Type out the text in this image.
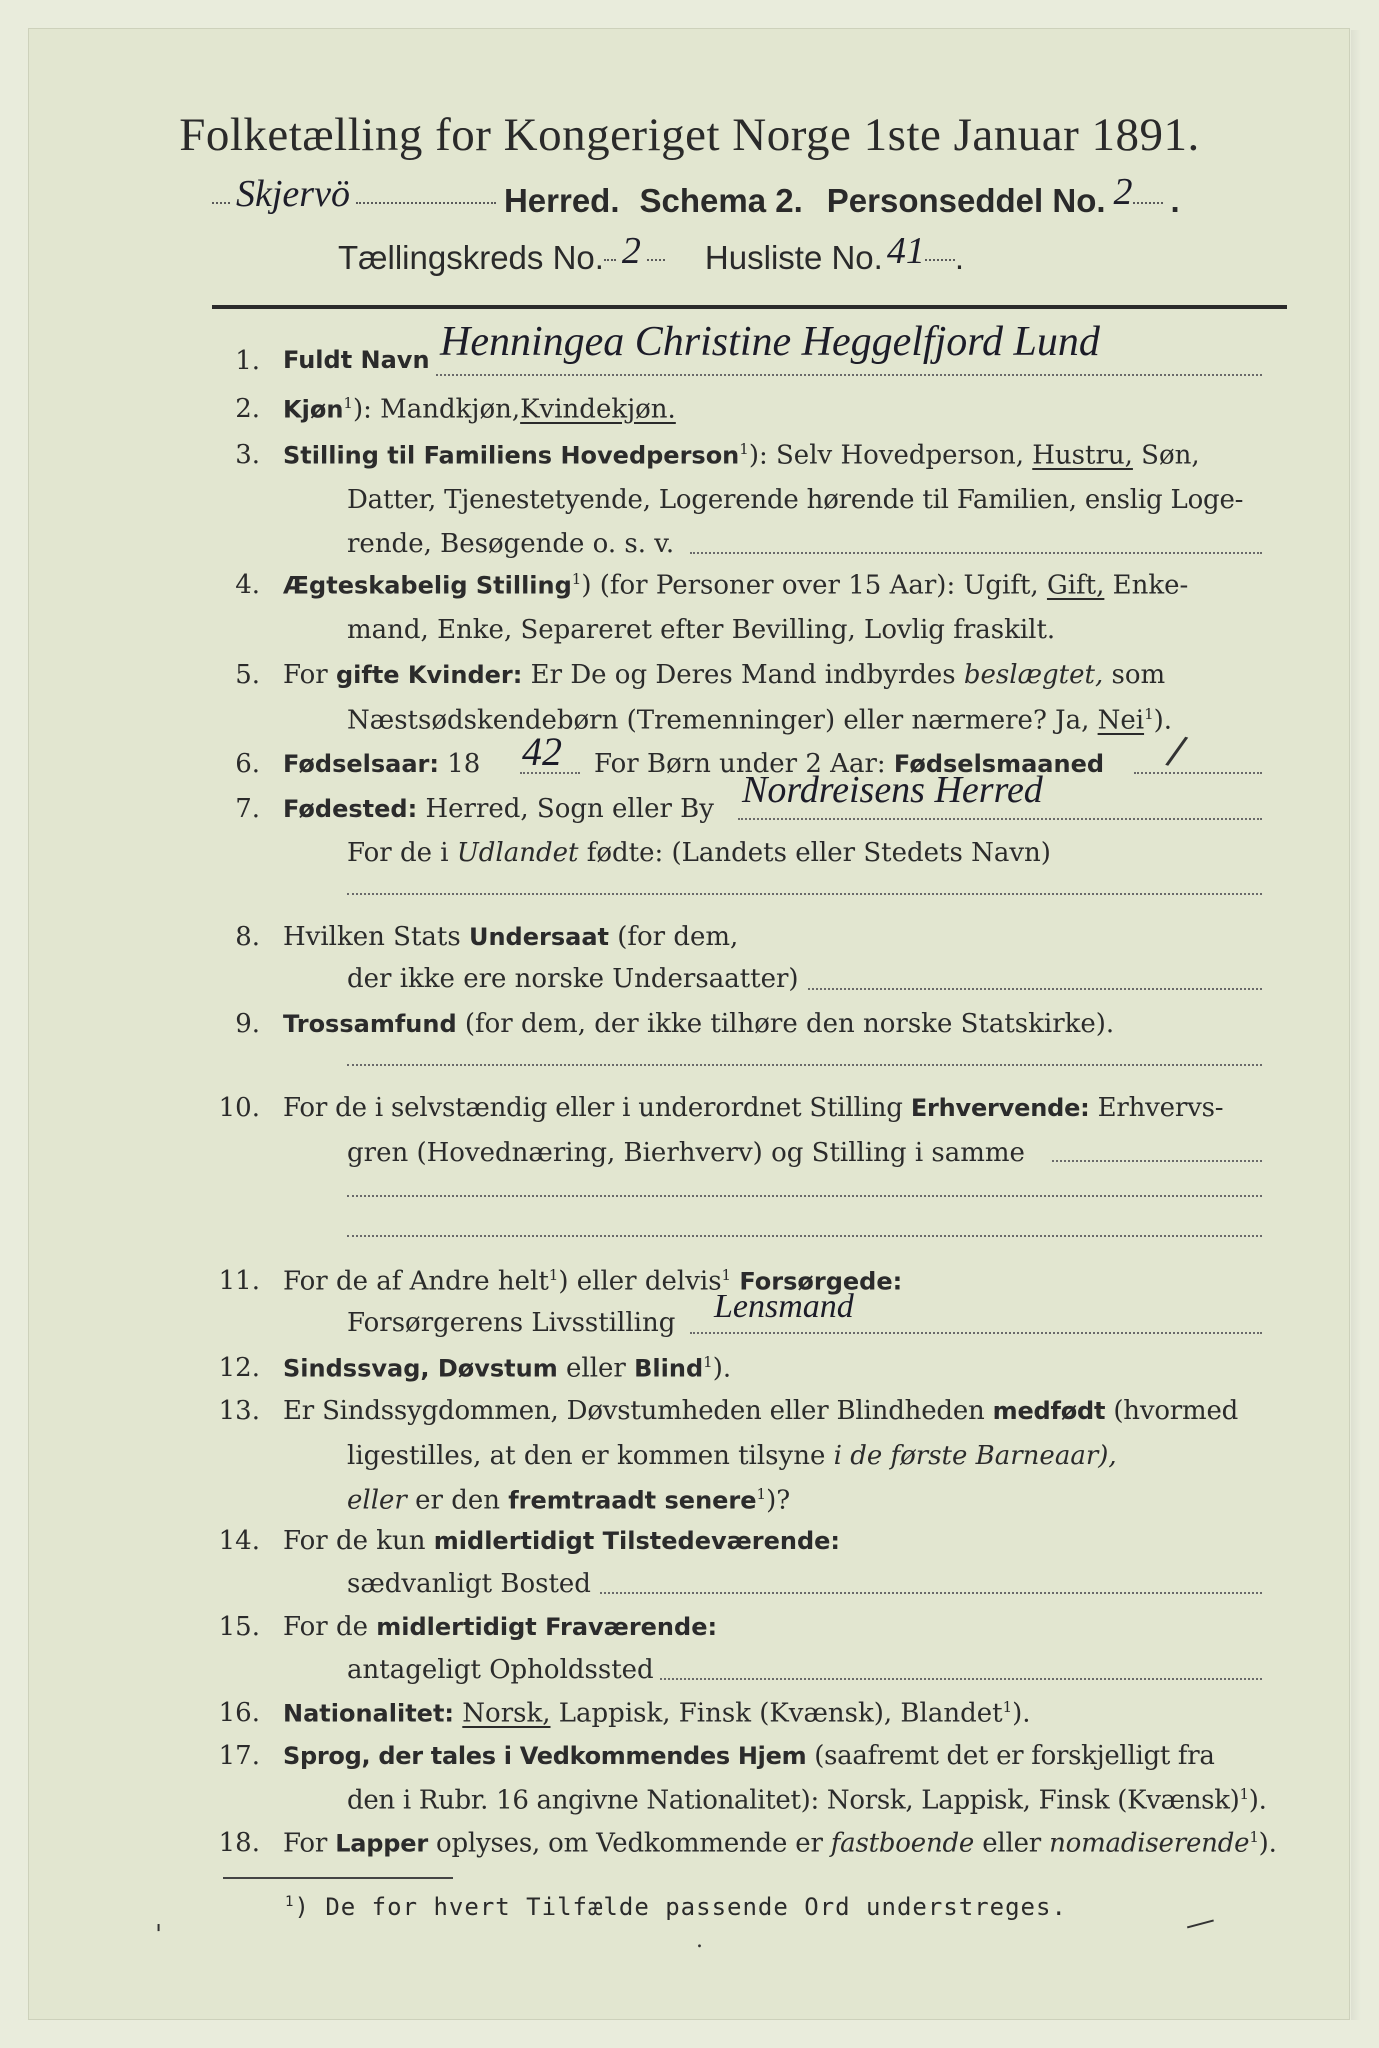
Folketælling for Kongeriget Norge 1ste Januar 1891.
Skjervö	Herred. Schema 2. Personseddel No. 2 .
Tællingskreds No. 2 Husliste No. 41 .
1. Fuldt Navn Henningea Christine Heggelfjord Lund
2. Kjøn$^1$): Mandkjøn,Kvindekjøn.
3. Stilling til Familiens Hovedperson$^1$): Selv Hovedperson, Hustru, Søn,
Datter, Tjenestetyende, Logerende hørende til Familien, enslig Loge-
rende, Besøgende o. s. v.
4. Ægteskabelig Stilling$^1$) (for Personer over 15 Aar): Ugift, Gift, Enke-
mand, Enke, Separeret efter Bevilling, Lovlig fraskilt.
5. For gifte Kvinder: Er De og Deres Mand indbyrdes beslægtet, som
Næstsødskendebørn (Tremenninger) eller nærmere? Ja, Nei$^1$).
6. Fødselsaar: 18 42 For Børn under 2 Aar: Fødselsmaaned /
7. Fødested: Herred, Sogn eller By Nordreisens Herred
For de i Udlandet fødte: (Landets eller Stedets Navn)
8. Hvilken Stats Undersaat (for dem,
der ikke ere norske Undersaatter)
9. Trossamfund (for dem, der ikke tilhøre den norske Statskirke).
10. For de i selvstændig eller i underordnet Stilling Erhvervende: Erhvervs-
gren (Hovednæring, Bierhverv) og Stilling i samme
11. For de af Andre helt$^1$) eller delvis$^1$ Forsørgede:
Forsørgerens Livsstilling Lensmand
12. Sindssvag, Døvstum eller Blind$^1$).
13. Er Sindssygdommen, Døvstumheden eller Blindheden medfødt (hvormed
ligestilles, at den er kommen tilsyne i de første Barneaar),
eller er den fremtraadt senere$^1$)?
14. For de kun midlertidigt Tilstedeværende:
sædvanligt Bosted
15. For de midlertidigt Fraværende:
antageligt Opholdssted
16. Nationalitet: Norsk, Lappisk, Finsk (Kvænsk), Blandet$^1$).
17. Sprog, der tales i Vedkommendes Hjem (saafremt det er forskjelligt fra
den i Rubr. 16 angivne Nationalitet): Norsk, Lappisk, Finsk (Kvænsk)$^1$).
18. For Lapper oplyses, om Vedkommende er fastboende eller nomadiserende$^1$).
$^1$) De for hvert Tilfælde passende Ord understreges.
'	—
.
